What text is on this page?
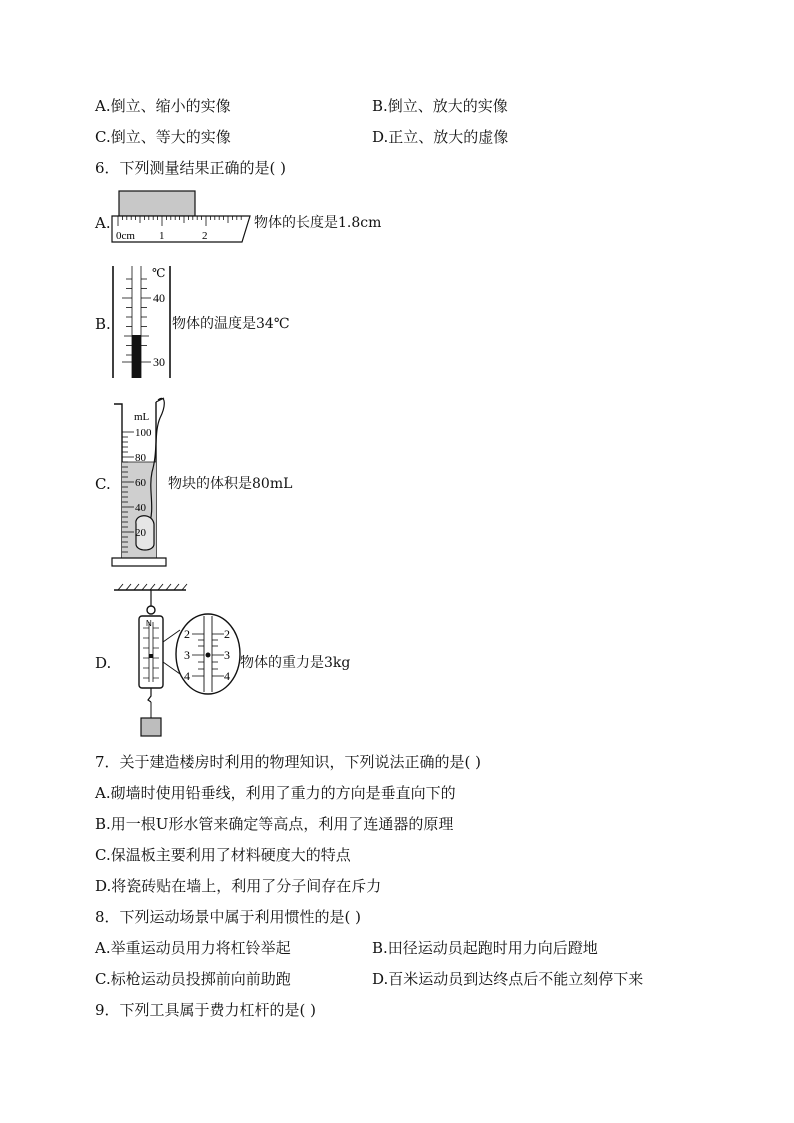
A.倒立、缩小的实像	B.倒立、放大的实像
C.倒立、等大的实像	D.正立、放大的虚像
6．下列测量结果正确的是( )
A.
0cm 1	2
物体的长度是1.8cm
B.
℃
40
30
物体的温度是34℃
C.
mL
100
80
60
40
20
物块的体积是80mL
D.
N
2	2
3	3
4	4
物体的重力是3kg
7．关于建造楼房时利用的物理知识，下列说法正确的是( )
A.砌墙时使用铅垂线，利用了重力的方向是垂直向下的
B.用一根U形水管来确定等高点，利用了连通器的原理
C.保温板主要利用了材料硬度大的特点
D.将瓷砖贴在墙上，利用了分子间存在斥力
8．下列运动场景中属于利用惯性的是( )
A.举重运动员用力将杠铃举起	B.田径运动员起跑时用力向后蹬地
C.标枪运动员投掷前向前助跑	D.百米运动员到达终点后不能立刻停下来
9．下列工具属于费力杠杆的是( )
